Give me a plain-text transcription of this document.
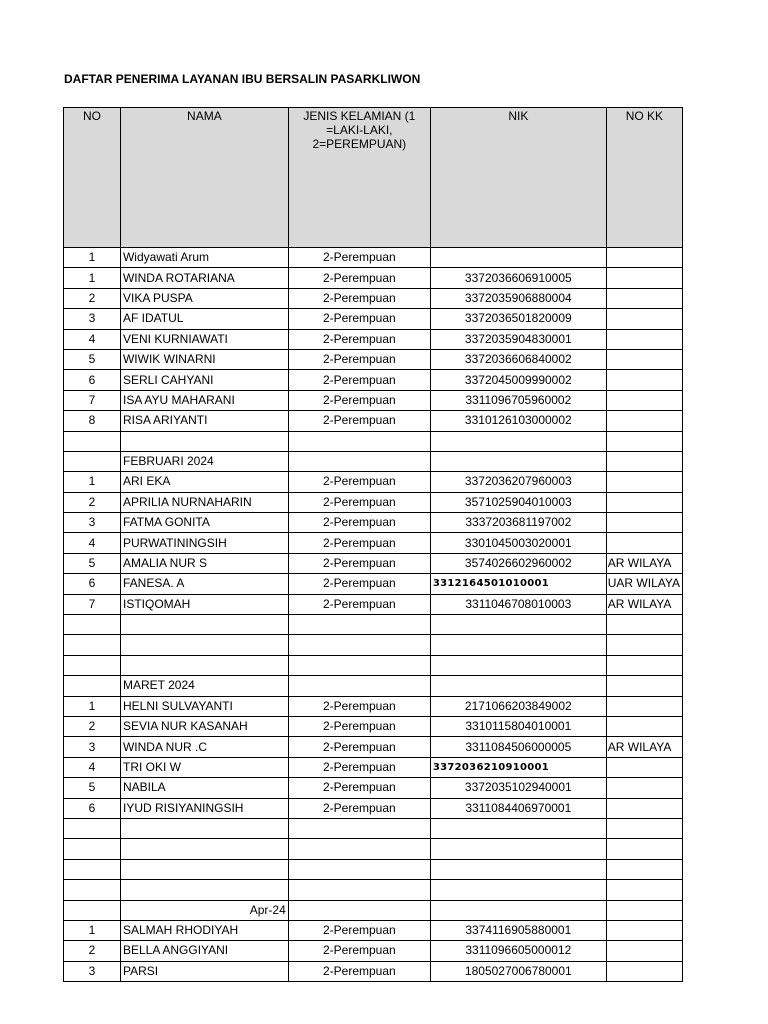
DAFTAR PENERIMA LAYANAN IBU BERSALIN PASARKLIWON
NO	NAMA	JENIS KELAMIAN (1 =LAKI-LAKI, 2=PEREMPUAN)	NIK	NO KK
1	Widyawati Arum	2-Perempuan		
1	WINDA ROTARIANA	2-Perempuan	3372036606910005	
2	VIKA PUSPA	2-Perempuan	3372035906880004	
3	AF IDATUL	2-Perempuan	3372036501820009	
4	VENI KURNIAWATI	2-Perempuan	3372035904830001	
5	WIWIK WINARNI	2-Perempuan	3372036606840002	
6	SERLI CAHYANI	2-Perempuan	3372045009990002	
7	ISA AYU MAHARANI	2-Perempuan	3311096705960002	
8	RISA ARIYANTI	2-Perempuan	3310126103000002	

	FEBRUARI 2024			
1	ARI EKA	2-Perempuan	3372036207960003	
2	APRILIA NURNAHARIN	2-Perempuan	3571025904010003	
3	FATMA GONITA	2-Perempuan	3337203681197002	
4	PURWATININGSIH	2-Perempuan	3301045003020001	
5	AMALIA NUR S	2-Perempuan	3574026602960002	AR WILAYA
6	FANESA. A	2-Perempuan	3312164501010001	UAR WILAYA
7	ISTIQOMAH	2-Perempuan	3311046708010003	AR WILAYA

	MARET 2024			
1	HELNI SULVAYANTI	2-Perempuan	2171066203849002	
2	SEVIA NUR KASANAH	2-Perempuan	3310115804010001	
3	WINDA NUR .C	2-Perempuan	3311084506000005	AR WILAYA
4	TRI OKI W	2-Perempuan	3372036210910001	
5	NABILA	2-Perempuan	3372035102940001	
6	IYUD RISIYANINGSIH	2-Perempuan	3311084406970001	

	Apr-24			
1	SALMAH RHODIYAH	2-Perempuan	3374116905880001	
2	BELLA ANGGIYANI	2-Perempuan	3311096605000012	
3	PARSI	2-Perempuan	1805027006780001	
